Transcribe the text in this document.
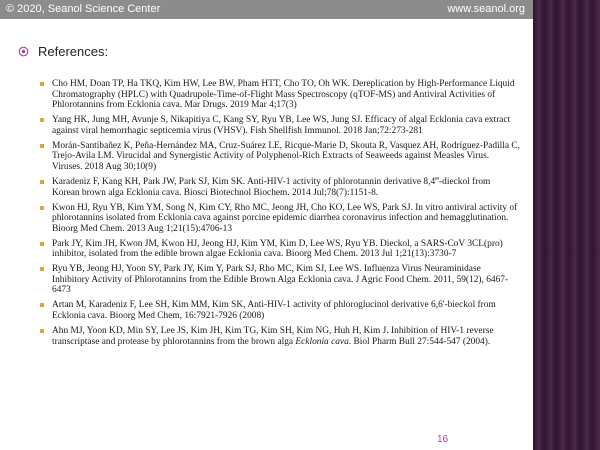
© 2020, Seanol Science Center	www.seanol.org
References:
Cho HM, Doan TP, Ha TKQ, Kim HW, Lee BW, Pham HTT, Cho TO, Oh WK. Dereplication by High-Performance Liquid Chromatography (HPLC) with Quadrupole-Time-of-Flight Mass Spectroscopy (qTOF-MS) and Antiviral Activities of Phlorotannins from Ecklonia cava. Mar Drugs. 2019 Mar 4;17(3)
Yang HK, Jung MH, Avunje S, Nikapitiya C, Kang SY, Ryu YB, Lee WS, Jung SJ. Efficacy of algal Ecklonia cava extract against viral hemorrhagic septicemia virus (VHSV). Fish Shellfish Immunol. 2018 Jan;72:273-281
Morán-Santibañez K, Peña-Hernández MA, Cruz-Suárez LE, Ricque-Marie D, Skouta R, Vasquez AH, Rodríguez-Padilla C, Trejo-Avila LM. Virucidal and Synergistic Activity of Polyphenol-Rich Extracts of Seaweeds against Measles Virus. Viruses. 2018 Aug 30;10(9)
Karadeniz F, Kang KH, Park JW, Park SJ, Kim SK. Anti-HIV-1 activity of phlorotannin derivative 8,4‴-dieckol from Korean brown alga Ecklonia cava. Biosci Biotechnol Biochem. 2014 Jul;78(7):1151-8.
Kwon HJ, Ryu YB, Kim YM, Song N, Kim CY, Rho MC, Jeong JH, Cho KO, Lee WS, Park SJ. In vitro antiviral activity of phlorotannins isolated from Ecklonia cava against porcine epidemic diarrhea coronavirus infection and hemagglutination. Bioorg Med Chem. 2013 Aug 1;21(15):4706-13
Park JY, Kim JH, Kwon JM, Kwon HJ, Jeong HJ, Kim YM, Kim D, Lee WS, Ryu YB. Dieckol, a SARS-CoV 3CL(pro) inhibitor, isolated from the edible brown algae Ecklonia cava. Bioorg Med Chem. 2013 Jul 1;21(13):3730-7
Ryu YB, Jeong HJ, Yoon SY, Park JY, Kim Y, Park SJ, Rho MC, Kim SJ, Lee WS. Influenza Virus Neuraminidase Inhibitory Activity of Phlorotannins from the Edible Brown Alga Ecklonia cava. J Agric Food Chem. 2011, 59(12), 6467-6473
Artan M, Karadeniz F, Lee SH, Kim MM, Kim SK, Anti-HIV-1 activity of phloroglucinol derivative 6,6'-bieckol from Ecklonia cava. Bioorg Med Chem, 16:7921-7926 (2008)
Ahn MJ, Yoon KD, Min SY, Lee JS, Kim JH, Kim TG, Kim SH, Kim NG, Huh H, Kim J. Inhibition of HIV-1 reverse transcriptase and protease by phlorotannins from the brown alga Ecklonia cava. Biol Pharm Bull 27:544-547 (2004).
16
